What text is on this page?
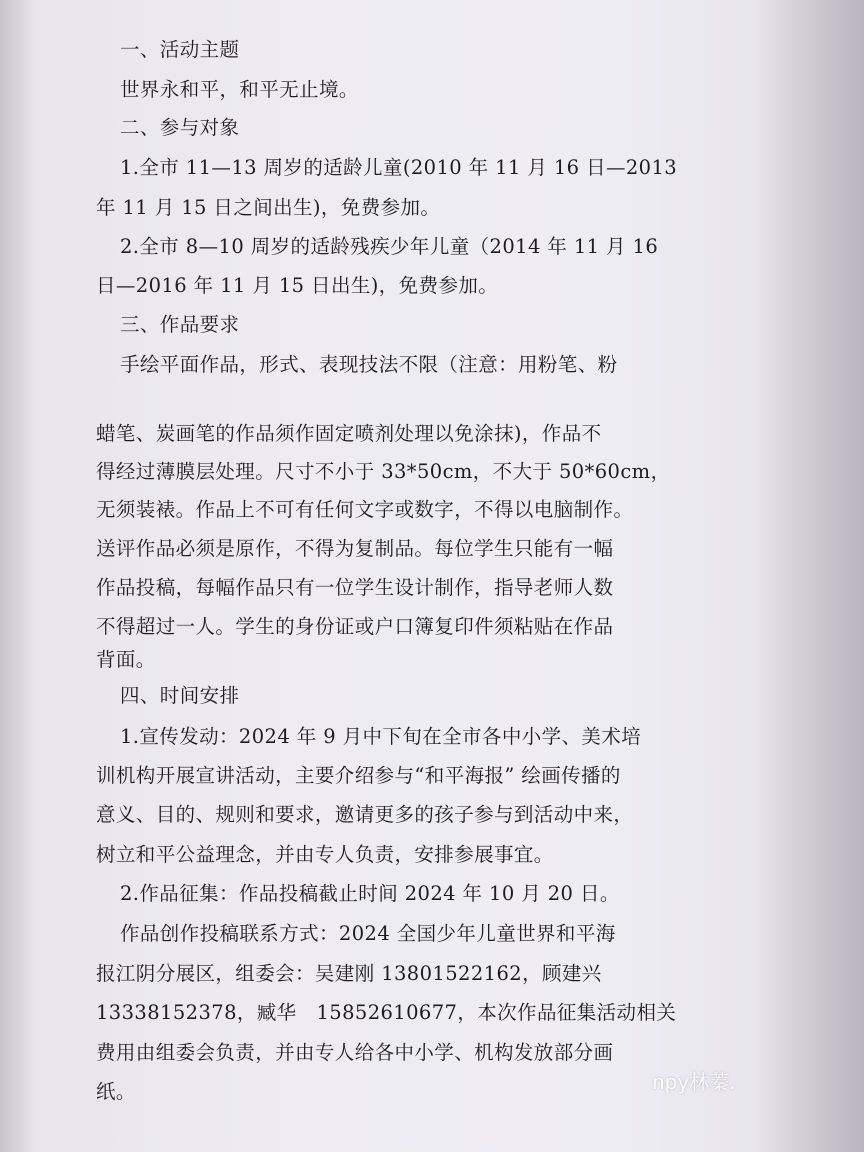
一、活动主题
世界永和平，和平无止境。
二、参与对象
1.全市 11—13 周岁的适龄儿童(2010 年 11 月 16 日—2013
年 11 月 15 日之间出生)，免费参加。
2.全市 8—10 周岁的适龄残疾少年儿童（2014 年 11 月 16
日—2016 年 11 月 15 日出生)，免费参加。
三、作品要求
手绘平面作品，形式、表现技法不限（注意：用粉笔、粉
蜡笔、炭画笔的作品须作固定喷剂处理以免涂抹)，作品不
得经过薄膜层处理。尺寸不小于 33*50cm，不大于 50*60cm，
无须装裱。作品上不可有任何文字或数字，不得以电脑制作。
送评作品必须是原作，不得为复制品。每位学生只能有一幅
作品投稿，每幅作品只有一位学生设计制作，指导老师人数
不得超过一人。学生的身份证或户口簿复印件须粘贴在作品
背面。
四、时间安排
1.宣传发动：2024 年 9 月中下旬在全市各中小学、美术培
训机构开展宣讲活动，主要介绍参与“和平海报” 绘画传播的
意义、目的、规则和要求，邀请更多的孩子参与到活动中来，
树立和平公益理念，并由专人负责，安排参展事宜。
2.作品征集：作品投稿截止时间 2024 年 10 月 20 日。
作品创作投稿联系方式：2024 全国少年儿童世界和平海
报江阴分展区，组委会：吴建刚 13801522162，顾建兴
13338152378，臧华　15852610677，本次作品征集活动相关
费用由组委会负责，并由专人给各中小学、机构发放部分画
纸。	npy林蓁.
